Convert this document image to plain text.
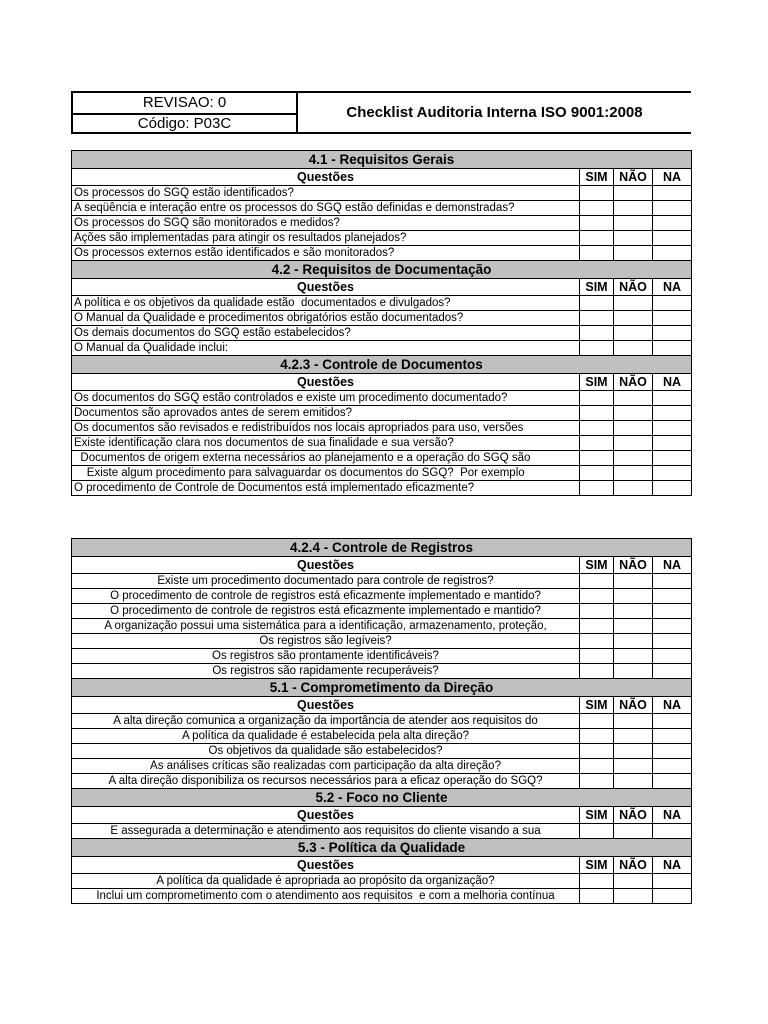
REVISAO: 0
Código: P03C
Checklist Auditoria Interna ISO 9001:2008
4.1 - Requisitos Gerais			
Questões	SIM	NÃO	NA
Os processos do SGQ estão identificados?			
A seqüência e interação entre os processos do SGQ estão definidas e demonstradas?			
Os processos do SGQ são monitorados e medidos?			
Ações são implementadas para atingir os resultados planejados?			
Os processos externos estão identificados e são monitorados?			
4.2 - Requisitos de Documentação			
Questões	SIM	NÃO	NA
A política e os objetivos da qualidade estão  documentados e divulgados?			
O Manual da Qualidade e procedimentos obrigatórios estão documentados?			
Os demais documentos do SGQ estão estabelecidos?			
O Manual da Qualidade inclui:			
4.2.3 - Controle de Documentos			
Questões	SIM	NÃO	NA
Os documentos do SGQ estão controlados e existe um procedimento documentado?			
Documentos são aprovados antes de serem emitidos?			
Os documentos são revisados e redistribuídos nos locais apropriados para uso, versões			
Existe identificação clara nos documentos de sua finalidade e sua versão?			
Documentos de origem externa necessários ao planejamento e a operação do SGQ são			
Existe algum procedimento para salvaguardar os documentos do SGQ?  Por exemplo			
O procedimento de Controle de Documentos está implementado eficazmente?			
4.2.4 - Controle de Registros			
Questões	SIM	NÃO	NA
Existe um procedimento documentado para controle de registros?			
O procedimento de controle de registros está eficazmente implementado e mantido?			
O procedimento de controle de registros está eficazmente implementado e mantido?			
A organização possui uma sistemática para a identificação, armazenamento, proteção,			
Os registros são legíveis?			
Os registros são prontamente identificáveis?			
Os registros são rapidamente recuperáveis?			
5.1 - Comprometimento da Direção			
Questões	SIM	NÃO	NA
A alta direção comunica a organização da importância de atender aos requisitos do			
A política da qualidade é estabelecida pela alta direção?			
Os objetivos da qualidade são estabelecidos?			
As análises críticas são realizadas com participação da alta direção?			
A alta direção disponibiliza os recursos necessários para a eficaz operação do SGQ?			
5.2 - Foco no Cliente			
Questões	SIM	NÃO	NA
E assegurada a determinação e atendimento aos requisitos do cliente visando a sua			
5.3 - Política da Qualidade			
Questões	SIM	NÃO	NA
A política da qualidade é apropriada ao propósito da organização?			
Inclui um comprometimento com o atendimento aos requisitos  e com a melhoria contínua			
